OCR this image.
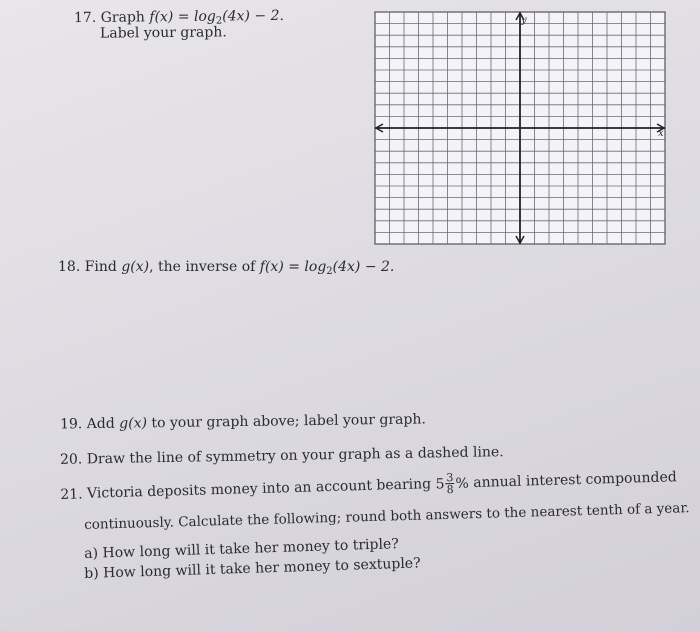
17. Graph $f(x) = \log_2(4x) - 2$.
Label your graph.
y
x
18. Find g(x), the inverse of $f(x) = \log_2(4x) - 2$.
19. Add g(x) to your graph above; label your graph.
20. Draw the line of symmetry on your graph as a dashed line.
21. Victoria deposits money into an account bearing $5 \frac{3}{8}$ % annual interest compounded
continuously. Calculate the following; round both answers to the nearest tenth of a year.
a) How long will it take her money to triple?
b) How long will it take her money to sextuple?
